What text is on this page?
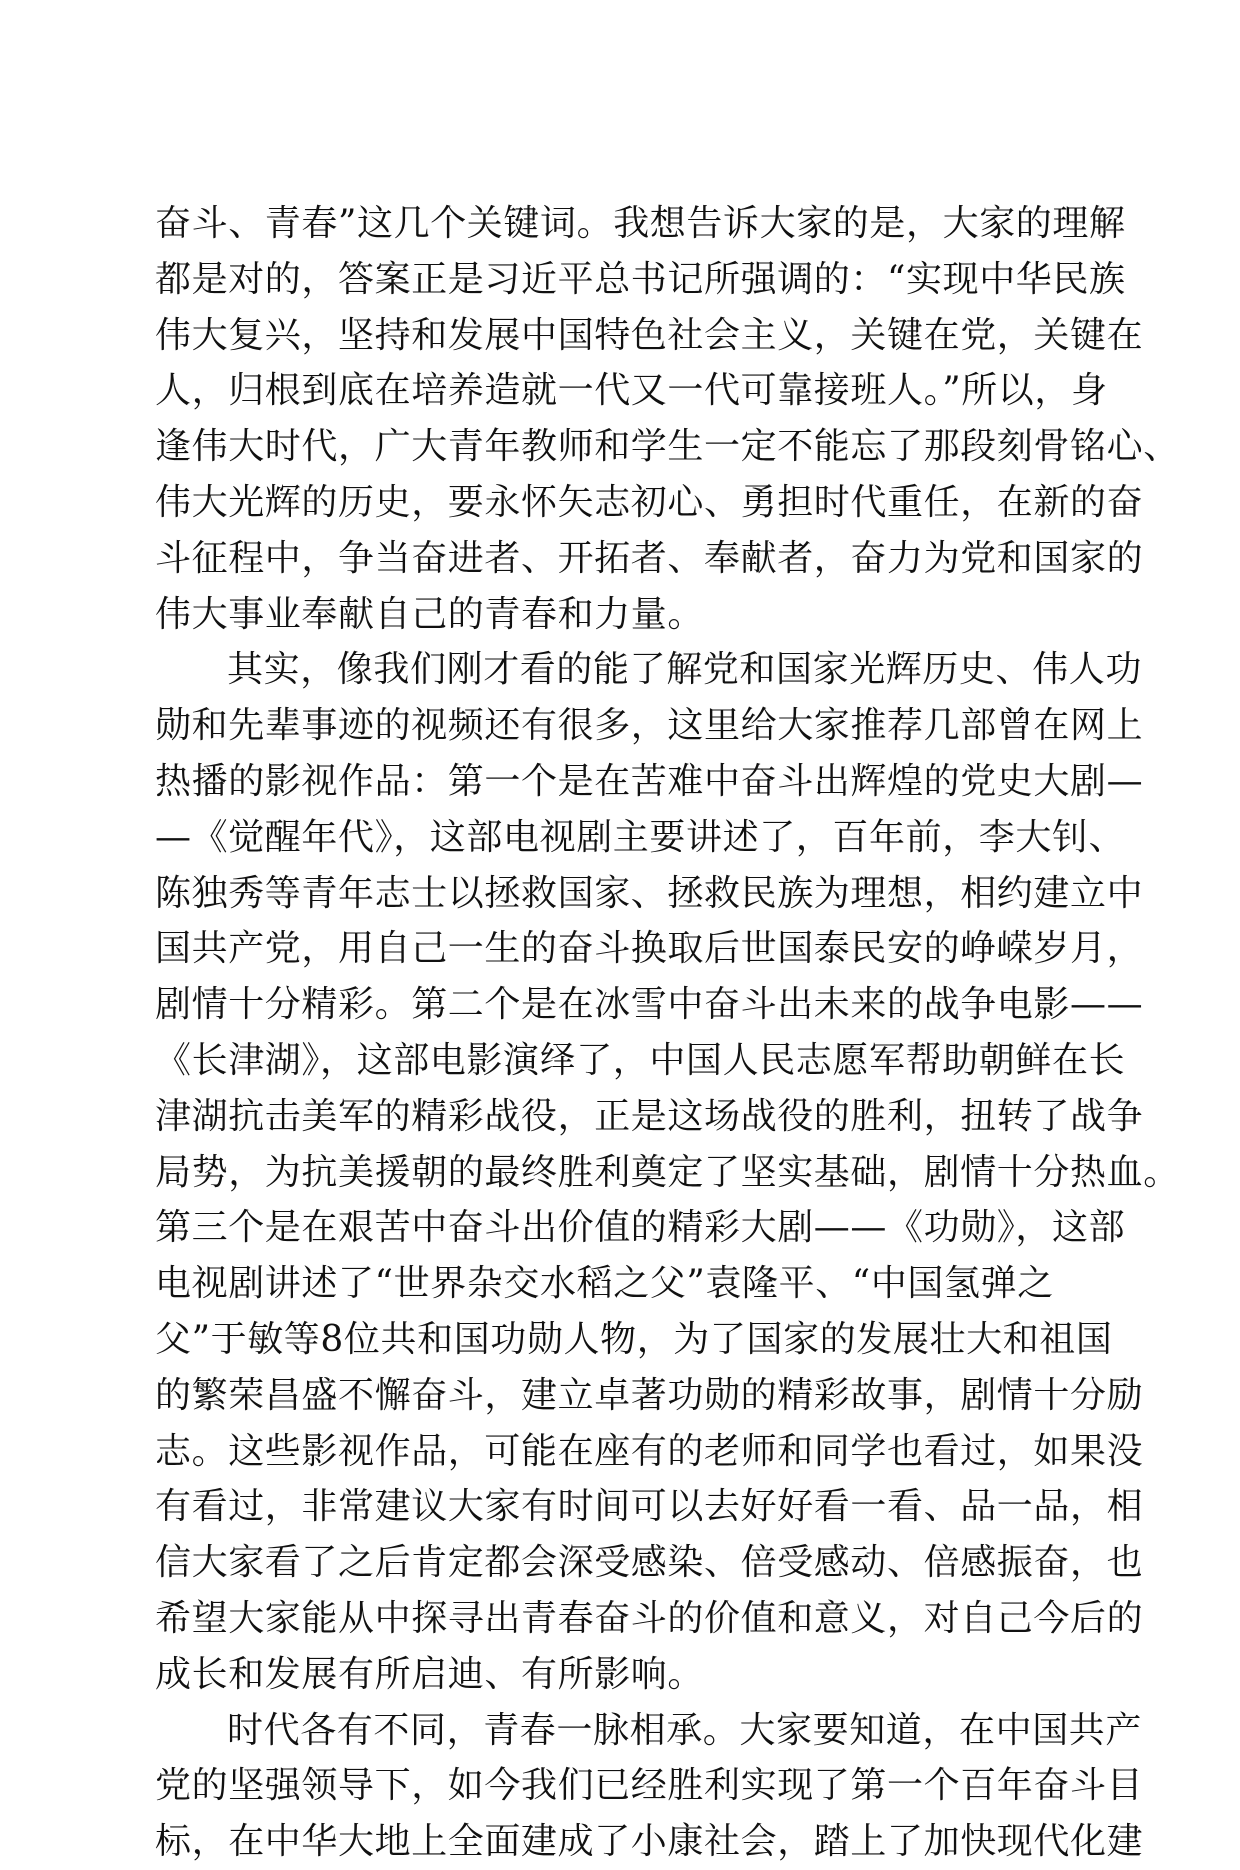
奋斗、青春”这几个关键词。我想告诉大家的是，大家的理解
都是对的，答案正是习近平总书记所强调的：“实现中华民族
伟大复兴，坚持和发展中国特色社会主义，关键在党，关键在
人，归根到底在培养造就一代又一代可靠接班人。”所以，身
逢伟大时代，广大青年教师和学生一定不能忘了那段刻骨铭心、
伟大光辉的历史，要永怀矢志初心、勇担时代重任，在新的奋
斗征程中，争当奋进者、开拓者、奉献者，奋力为党和国家的
伟大事业奉献自己的青春和力量。
其实，像我们刚才看的能了解党和国家光辉历史、伟人功
勋和先辈事迹的视频还有很多，这里给大家推荐几部曾在网上
热播的影视作品：第一个是在苦难中奋斗出辉煌的党史大剧—
—《觉醒年代》，这部电视剧主要讲述了，百年前，李大钊、
陈独秀等青年志士以拯救国家、拯救民族为理想，相约建立中
国共产党，用自己一生的奋斗换取后世国泰民安的峥嵘岁月，
剧情十分精彩。第二个是在冰雪中奋斗出未来的战争电影——
《长津湖》，这部电影演绎了，中国人民志愿军帮助朝鲜在长
津湖抗击美军的精彩战役，正是这场战役的胜利，扭转了战争
局势，为抗美援朝的最终胜利奠定了坚实基础，剧情十分热血。
第三个是在艰苦中奋斗出价值的精彩大剧——《功勋》，这部
电视剧讲述了“世界杂交水稻之父”袁隆平、“中国氢弹之
父”于敏等8位共和国功勋人物，为了国家的发展壮大和祖国
的繁荣昌盛不懈奋斗，建立卓著功勋的精彩故事，剧情十分励
志。这些影视作品，可能在座有的老师和同学也看过，如果没
有看过，非常建议大家有时间可以去好好看一看、品一品，相
信大家看了之后肯定都会深受感染、倍受感动、倍感振奋，也
希望大家能从中探寻出青春奋斗的价值和意义，对自己今后的
成长和发展有所启迪、有所影响。
时代各有不同，青春一脉相承。大家要知道，在中国共产
党的坚强领导下，如今我们已经胜利实现了第一个百年奋斗目
标，在中华大地上全面建成了小康社会，踏上了加快现代化建
